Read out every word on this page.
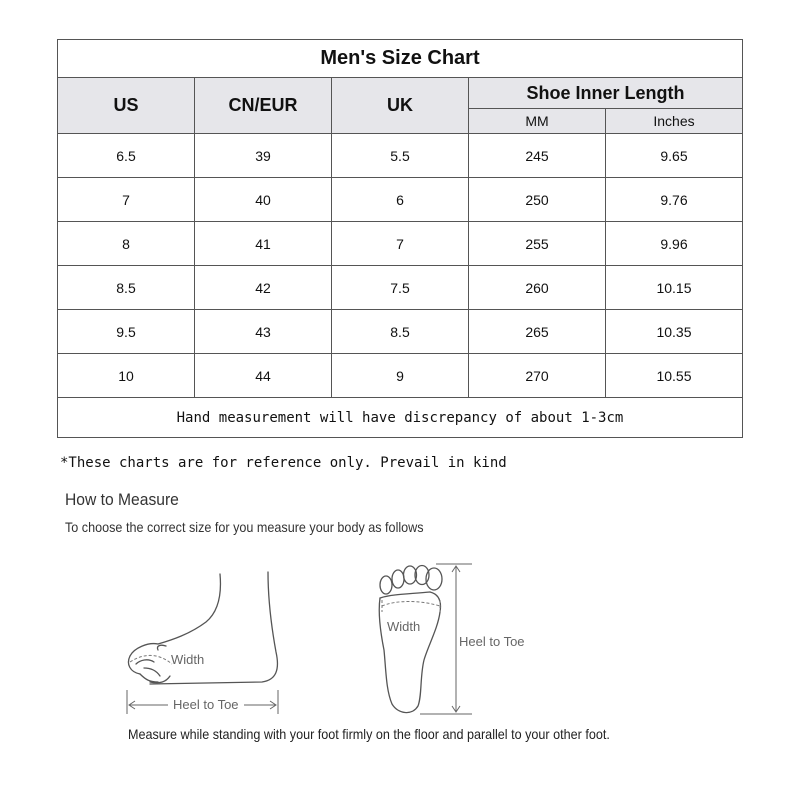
Men's Size Chart				
US	CN/EUR	UK	Shoe Inner Length	
			MM	Inches
6.5	39	5.5	245	9.65
7	40	6	250	9.76
8	41	7	255	9.96
8.5	42	7.5	260	10.15
9.5	43	8.5	265	10.35
10	44	9	270	10.55
Hand measurement will have discrepancy of about 1-3cm				
*These charts are for reference only. Prevail in kind
How to Measure
To choose the correct size for you measure your body as follows
Width
Heel to Toe
Width
Heel to Toe
Measure while standing with your foot firmly on the floor and parallel to your other foot.
